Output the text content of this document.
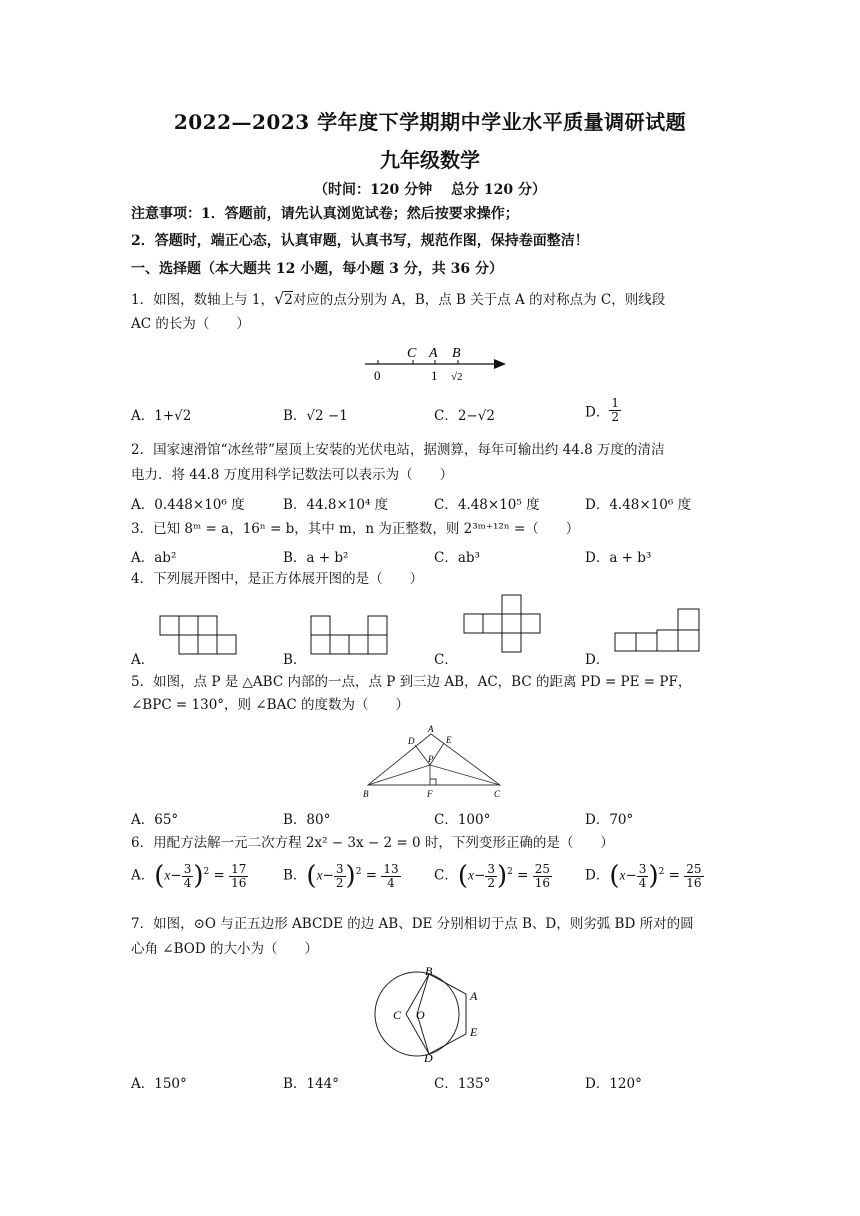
2022—2023 学年度下学期期中学业水平质量调研试题
九年级数学
（时间：120 分钟　 总分 120 分）
注意事项：1．答题前，请先认真浏览试卷；然后按要求操作；
2．答题时，端正心态，认真审题，认真书写，规范作图，保持卷面整洁！
一、选择题（本大题共 12 小题，每小题 3 分，共 36 分）
1．如图，数轴上与 1，√2对应的点分别为 A，B，点 B 关于点 A 的对称点为 C，则线段
AC 的长为（　　）
C A B
0	1 √2
A．1+√2	B．√2 −1	C．2−√2	D． $\frac{1}{2}$
2．国家速滑馆“冰丝带”屋顶上安装的光伏电站，据测算，每年可输出约 44.8 万度的清洁
电力．将 44.8 万度用科学记数法可以表示为（　　）
A．0.448×10⁶ 度	B．44.8×10⁴ 度	C．4.48×10⁵ 度	D．4.48×10⁶ 度
3．已知 8ᵐ = a，16ⁿ = b，其中 m，n 为正整数，则 2³ᵐ⁺¹²ⁿ =（　　）
A．ab²	B．a + b²	C．ab³	D．a + b³
4．下列展开图中，是正方体展开图的是（　　）
A．	B．	C．	D．
5．如图，点 P 是 △ABC 内部的一点，点 P 到三边 AB，AC，BC 的距离 PD = PE = PF，
∠BPC = 130°，则 ∠BAC 的度数为（　　）
A
D	E
P
B	F	C
A．65°	B．80°	C．100°	D．70°
6．用配方法解一元二次方程 2x² − 3x − 2 = 0 时，下列变形正确的是（　　）
A．$(x- \frac{3}{4} )^2 = \frac{17}{16}$	B．$(x- \frac{3}{2} )^2 = \frac{13}{4}$ C．$(x- \frac{3}{2} )^2 = \frac{25}{16}$ D．$(x- \frac{3}{4} )^2 = \frac{25}{16}$
7．如图，⊙O 与正五边形 ABCDE 的边 AB、DE 分别相切于点 B、D，则劣弧 BD 所对的圆
心角 ∠BOD 的大小为（　　）
B
A
C O
E
D
A．150°	B．144°	C．135°	D．120°
